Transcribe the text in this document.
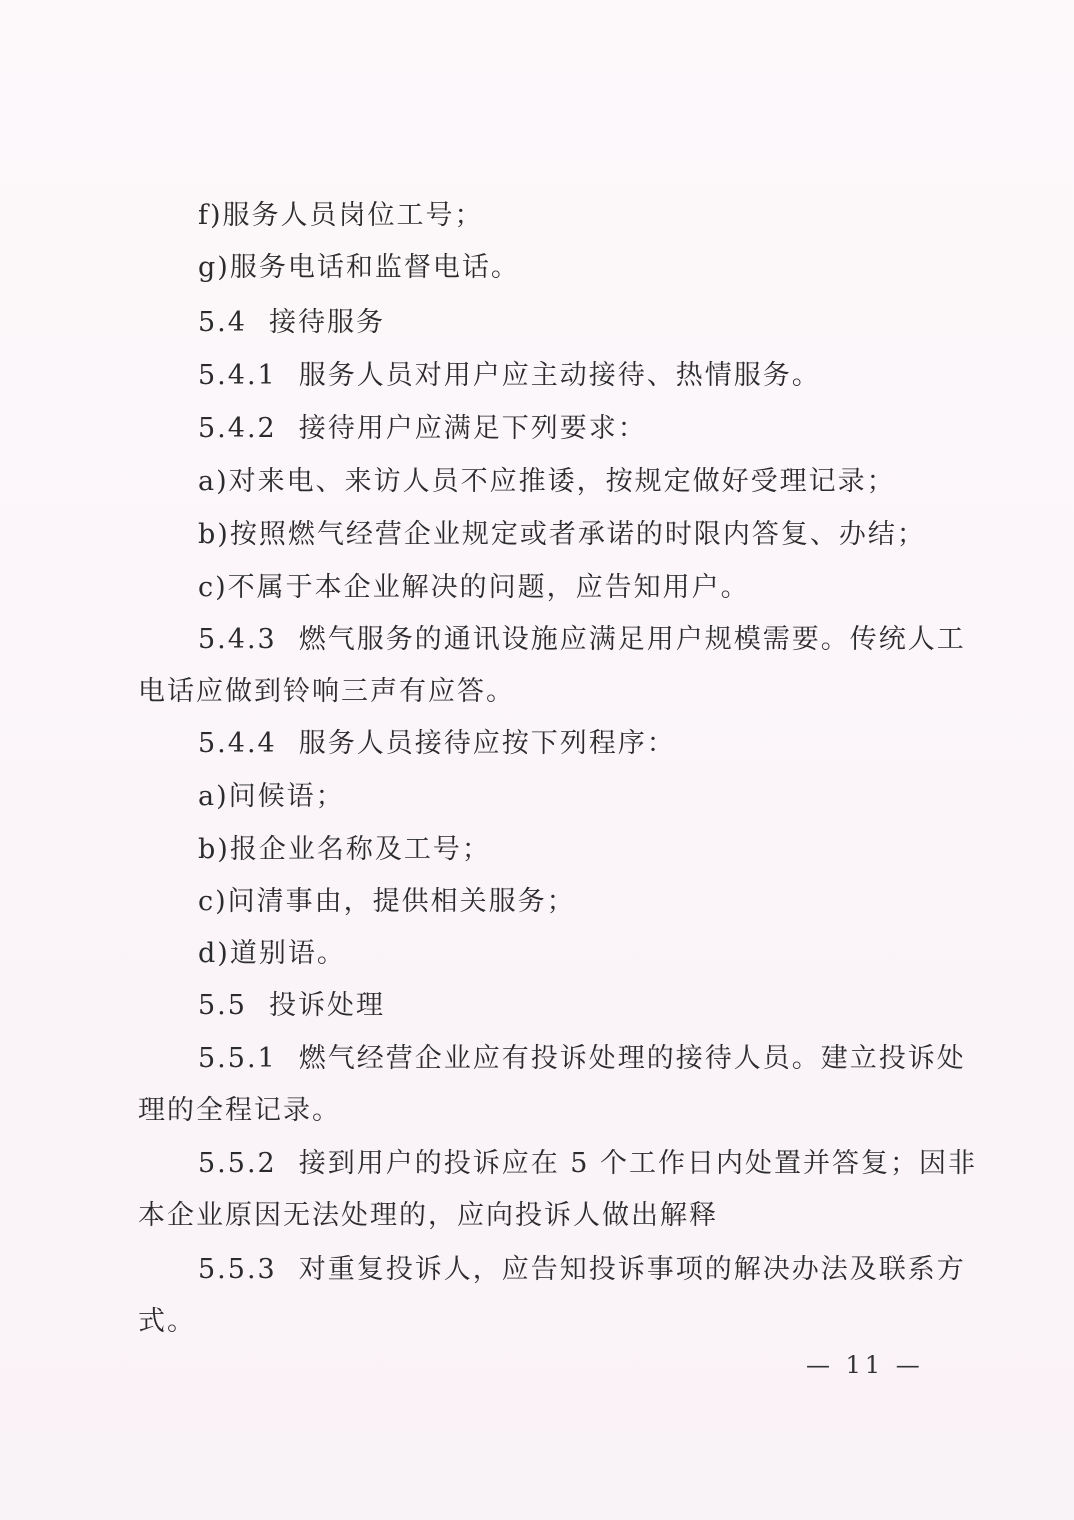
f)服务人员岗位工号；
g)服务电话和监督电话。
5.4 接待服务
5.4.1 服务人员对用户应主动接待、热情服务。
5.4.2 接待用户应满足下列要求：
a)对来电、来访人员不应推诿，按规定做好受理记录；
b)按照燃气经营企业规定或者承诺的时限内答复、办结；
c)不属于本企业解决的问题，应告知用户。
5.4.3 燃气服务的通讯设施应满足用户规模需要。传统人工
电话应做到铃响三声有应答。
5.4.4 服务人员接待应按下列程序：
a)问候语；
b)报企业名称及工号；
c)问清事由，提供相关服务；
d)道别语。
5.5 投诉处理
5.5.1 燃气经营企业应有投诉处理的接待人员。建立投诉处
理的全程记录。
5.5.2 接到用户的投诉应在 5 个工作日内处置并答复；因非
本企业原因无法处理的，应向投诉人做出解释
5.5.3 对重复投诉人，应告知投诉事项的解决办法及联系方
式。
— 11 —
